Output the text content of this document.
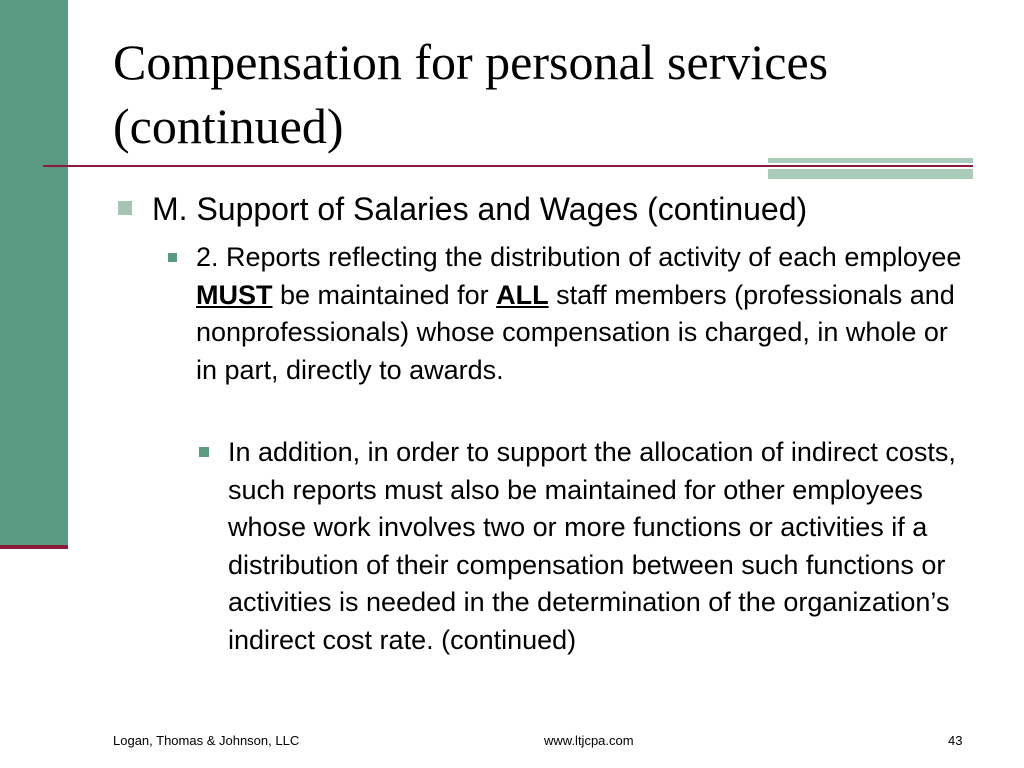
Compensation for personal services
(continued)

M. Support of Salaries and Wages (continued)

2. Reports reflecting the distribution of activity of each employee MUST be maintained for ALL staff members (professionals and nonprofessionals) whose compensation is charged, in whole or in part, directly to awards.

In addition, in order to support the allocation of indirect costs, such reports must also be maintained for other employees whose work involves two or more functions or activities if a distribution of their compensation between such functions or activities is needed in the determination of the organization’s indirect cost rate. (continued)

Logan, Thomas & Johnson, LLC	www.ltjcpa.com	43
